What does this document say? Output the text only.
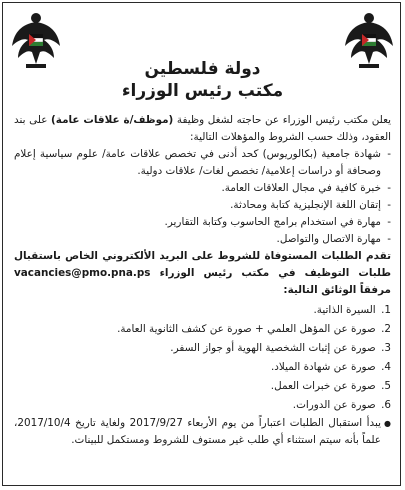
دولة فلسطين
مكتب رئيس الوزراء

يعلن مكتب رئيس الوزراء عن حاجته لشغل وظيفة (موظف/ة علاقات عامة) على بند العقود، وذلك حسب الشروط والمؤهلات التالية:

- شهادة جامعية (بكالوريوس) كحد أدنى في تخصص علاقات عامة/ علوم سياسية إعلام وصحافة أو دراسات إعلامية/ تخصص لغات/ علاقات دولية.
- خبرة كافية في مجال العلاقات العامة.
- إتقان اللغة الإنجليزية كتابة ومحادثة.
- مهارة في استخدام برامج الحاسوب وكتابة التقارير.
- مهارة الاتصال والتواصل.

تقدم الطلبات المستوفاة للشروط على البريد الألكتروني الخاص باستقبال طلبات التوظيف في مكتب رئيس الوزراء vacancies@pmo.pna.ps مرفقاً الوثائق التالية:

1. السيرة الذاتية.
2. صورة عن المؤهل العلمي + صورة عن كشف الثانوية العامة.
3. صورة عن إثبات الشخصية الهوية أو جواز السفر.
4. صورة عن شهادة الميلاد.
5. صورة عن خبرات العمل.
6. صورة عن الدورات.

● يبدأ استقبال الطلبات اعتباراً من يوم الأربعاء 2017/9/27 ولغاية تاريخ 2017/10/4، علماً بأنه سيتم استثناء أي طلب غير مستوف للشروط ومستكمل للبينات.
